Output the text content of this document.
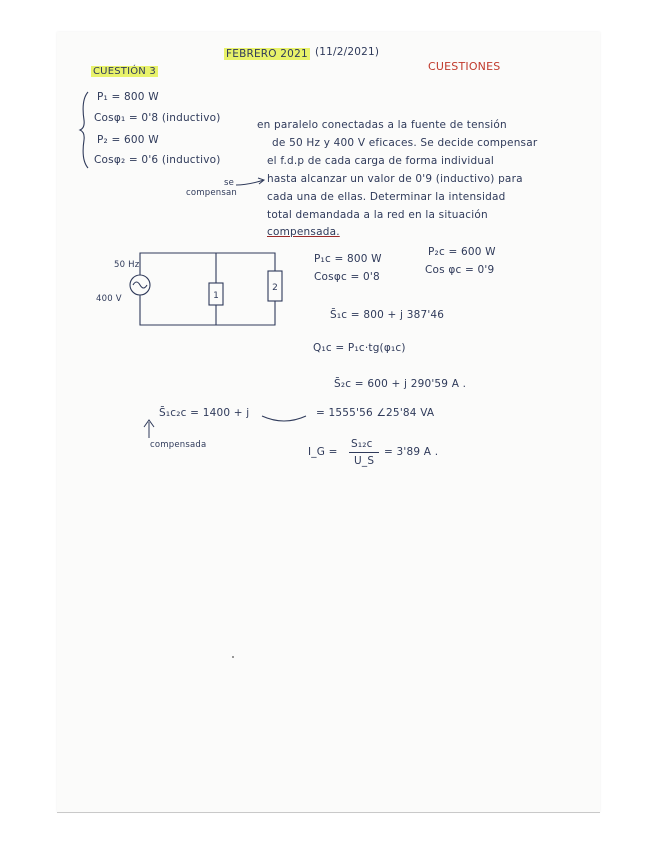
FEBRERO 2021 (11/2/2021)
CUESTIONES
CUESTIÓN 3
P₁ = 800 W
Cosφ₁ = 0'8 (inductivo)
P₂ = 600 W
Cosφ₂ = 0'6 (inductivo)
en paralelo conectadas a la fuente de tensión
de 50 Hz y 400 V eficaces. Se decide compensar
el f.d.p de cada carga de forma individual
hasta alcanzar un valor de 0'9 (inductivo) para
cada una de ellas. Determinar la intensidad
total demandada a la red en la situación
compensada.
se
compensan
50 Hz
400 V	1
2
P₁c = 800 W
Cosφc = 0'8
P₂c = 600 W
Cos φc = 0'9
S̄₁c = 800 + j 387'46
Q₁c = P₁c·tg(φ₁c)
S̄₂c = 600 + j 290'59 A .
S̄₁c₂c = 1400 + j	= 1555'56 ∠25'84 VA
compensada
I_G =
S₁₂c
U_S
= 3'89 A .
